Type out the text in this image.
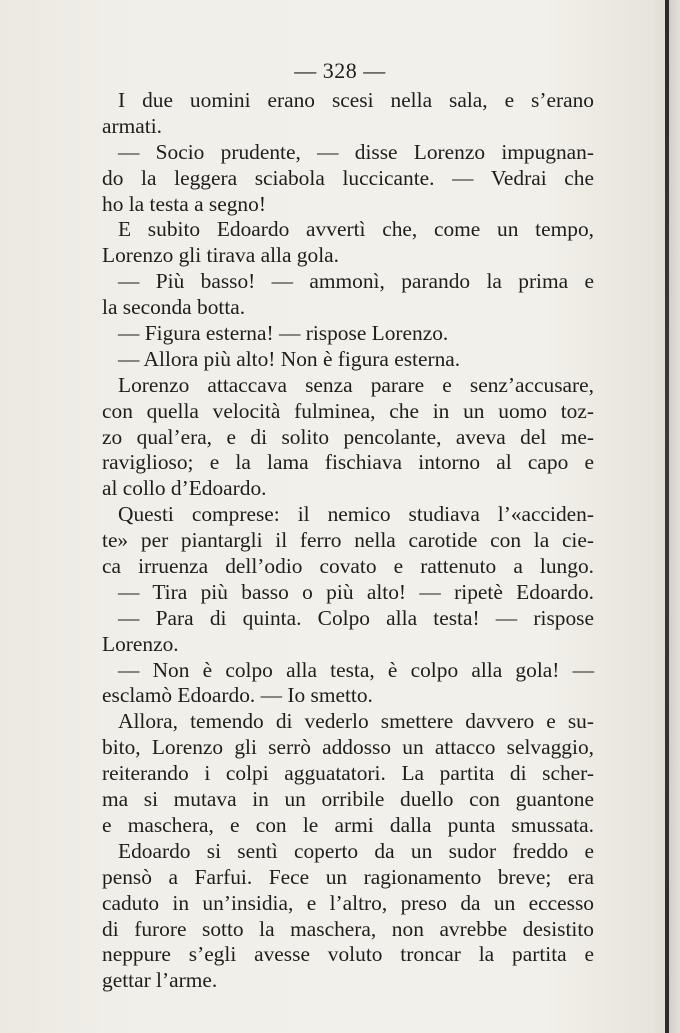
— 328 —
I due uomini erano scesi nella sala, e s’erano
armati.
— Socio prudente, — disse Lorenzo impugnan-
do la leggera sciabola luccicante. — Vedrai che
ho la testa a segno!
E subito Edoardo avvertì che, come un tempo,
Lorenzo gli tirava alla gola.
— Più basso! — ammonì, parando la prima e
la seconda botta.
— Figura esterna! — rispose Lorenzo.
— Allora più alto! Non è figura esterna.
Lorenzo attaccava senza parare e senz’accusare,
con quella velocità fulminea, che in un uomo toz-
zo qual’era, e di solito pencolante, aveva del me-
raviglioso; e la lama fischiava intorno al capo e
al collo d’Edoardo.
Questi comprese: il nemico studiava l’«acciden-
te» per piantargli il ferro nella carotide con la cie-
ca irruenza dell’odio covato e rattenuto a lungo.
— Tira più basso o più alto! — ripetè Edoardo.
— Para di quinta. Colpo alla testa! — rispose
Lorenzo.
— Non è colpo alla testa, è colpo alla gola! —
esclamò Edoardo. — Io smetto.
Allora, temendo di vederlo smettere davvero e su-
bito, Lorenzo gli serrò addosso un attacco selvaggio,
reiterando i colpi agguatatori. La partita di scher-
ma si mutava in un orribile duello con guantone
e maschera, e con le armi dalla punta smussata.
Edoardo si sentì coperto da un sudor freddo e
pensò a Farfui. Fece un ragionamento breve; era
caduto in un’insidia, e l’altro, preso da un eccesso
di furore sotto la maschera, non avrebbe desistito
neppure s’egli avesse voluto troncar la partita e
gettar l’arme.
